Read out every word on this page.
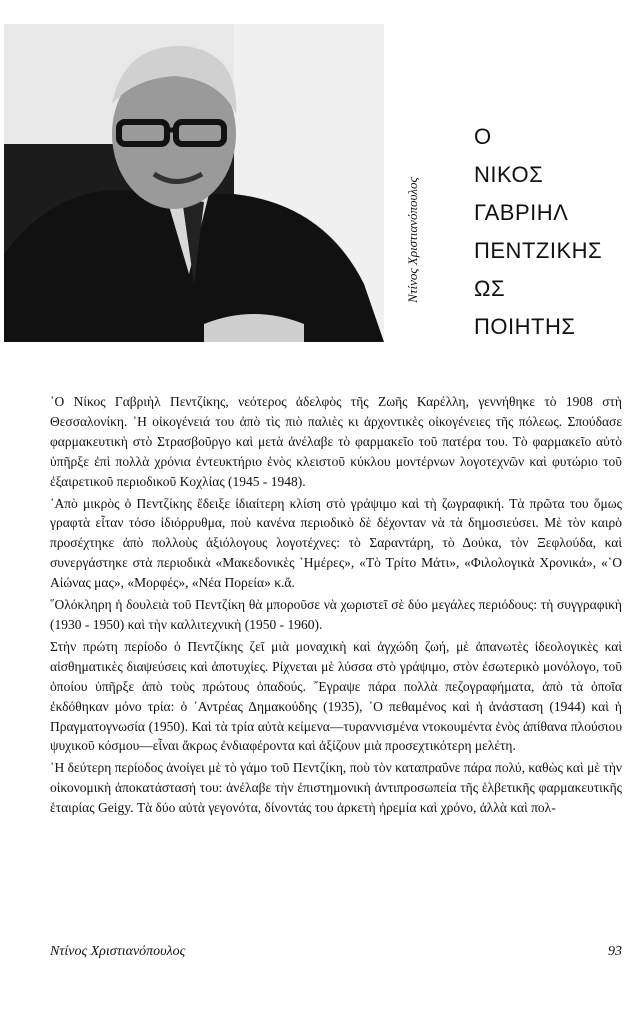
Ντίνος Χριστιανόπουλος
Ο
ΝΙΚΟΣ
ΓΑΒΡΙΗΛ
ΠΕΝΤΖΙΚΗΣ
ΩΣ
ΠΟΙΗΤΗΣ

῾Ο Νίκος Γαβριὴλ Πεντζίκης, νεότερος ἀδελφὸς τῆς Ζωῆς Καρέλλη, γεννήθηκε τὸ 1908 στὴ Θεσσαλονίκη. ῾Η οἰκογένειά του ἀπὸ τὶς πιὸ παλιὲς κι ἀρχοντικὲς οἰκογένειες τῆς πόλεως. Σπούδασε φαρμακευτικὴ στὸ Στρασβοῦργο καὶ μετὰ ἀνέλαβε τὸ φαρμακεῖο τοῦ πατέρα του. Τὸ φαρμακεῖο αὐτὸ ὑπῆρξε ἐπὶ πολλὰ χρόνια ἐντευκτήριο ἑνὸς κλειστοῦ κύκλου μοντέρνων λογοτεχνῶν καὶ φυτώριο τοῦ ἐξαιρετικοῦ περιοδικοῦ Κοχλίας (1945 - 1948).

᾿Απὸ μικρὸς ὁ Πεντζίκης ἔδειξε ἰδιαίτερη κλίση στὸ γράψιμο καὶ τὴ ζωγραφική. Τὰ πρῶτα του ὅμως γραφτὰ εἶταν τόσο ἰδιόρρυθμα, ποὺ κανένα περιοδικὸ δὲ δέχονταν νὰ τὰ δημοσιεύσει. Μὲ τὸν καιρὸ προσέχτηκε ἀπὸ πολλοὺς ἀξιόλογους λογοτέχνες: τὸ Σαραντάρη, τὸ Δούκα, τὸν Ξεφλούδα, καὶ συνεργάστηκε στὰ περιοδικὰ «Μακεδονικὲς ῾Ημέρες», «Τὸ Τρίτο Μάτι», «Φιλολογικὰ Χρονικά», «῾Ο Αἰώνας μας», «Μορφές», «Νέα Πορεία» κ.ἄ.

῞Ολόκληρη ἡ δουλειὰ τοῦ Πεντζίκη θὰ μποροῦσε νὰ χωριστεῖ σὲ δύο μεγάλες περιόδους: τὴ συγγραφικὴ (1930 - 1950) καὶ τὴν καλλιτεχνικὴ (1950 - 1960).

Στὴν πρώτη περίοδο ὁ Πεντζίκης ζεῖ μιὰ μοναχικὴ καὶ ἀγχώδη ζωή, μὲ ἀπανωτὲς ἰδεολογικὲς καὶ αἰσθηματικὲς διαψεύσεις καὶ ἀποτυχίες. Ρίχνεται μὲ λύσσα στὸ γράψιμο, στὸν ἐσωτερικὸ μονόλογο, τοῦ ὁποίου ὑπῆρξε ἀπὸ τοὺς πρώτους ὁπαδούς. ῎Εγραψε πάρα πολλὰ πεζογραφήματα, ἀπὸ τὰ ὁποῖα ἐκδόθηκαν μόνο τρία: ὁ ᾿Αντρέας Δημακούδης (1935), ῾Ο πεθαμένος καὶ ἡ ἀνάσταση (1944) καὶ ἡ Πραγματογνωσία (1950). Καὶ τὰ τρία αὐτὰ κείμενα—τυραννισμένα ντοκουμέντα ἑνὸς ἀπίθανα πλούσιου ψυχικοῦ κόσμου—εἶναι ἄκρως ἐνδιαφέροντα καὶ ἀξίζουν μιὰ προσεχτικότερη μελέτη.

῾Η δεύτερη περίοδος ἀνοίγει μὲ τὸ γάμο τοῦ Πεντζίκη, ποὺ τὸν καταπραΰνε πάρα πολύ, καθὼς καὶ μὲ τὴν οἰκονομικὴ ἀποκατάστασή του: ἀνέλαβε τὴν ἐπιστημονικὴ ἀντιπροσωπεία τῆς ἑλβετικῆς φαρμακευτικῆς ἑταιρίας Geigy. Τὰ δύο αὐτὰ γεγονότα, δίνοντάς του ἀρκετὴ ἠρεμία καὶ χρόνο, ἀλλὰ καὶ πολ-

Ντίνος Χριστιανόπουλος	93
